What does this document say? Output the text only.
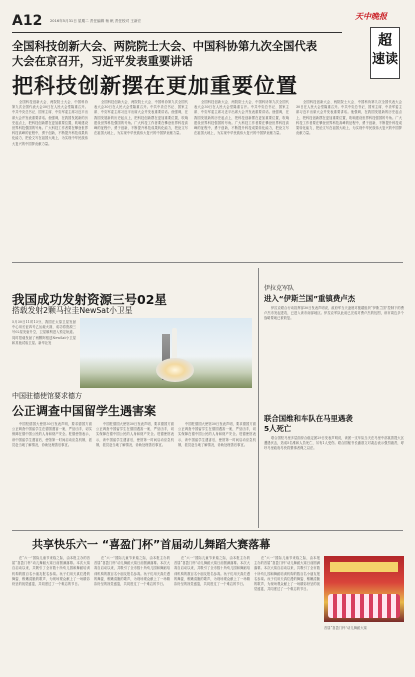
A12 2016年5月31日 星期二 责任编辑 杨 帆 责任校对 王新宏	天中晚报
超
速读
全国科技创新大会、两院院士大会、中国科协第九次全国代表
大会在京召开，习近平发表重要讲话
把科技创新摆在更加重要位置
全国科技创新大会、两院院士大会、中国科协第九次全国代表大会30日在人民大会堂隆重召开。中共中央总书记、国家主席、中央军委主席习近平出席大会并发表重要讲话。他强调，在我国发展新的历史起点上，把科技创新摆在更加重要位置，吹响建设世界科技强国的号角。广大科技工作者要在攀登世界科技高峰的征程中，勇于创新，不断提升科技成果转化能力，把论文写在祖国大地上，为实现中华民族伟大复兴的中国梦贡献力量。
全国科技创新大会、两院院士大会、中国科协第九次全国代表大会30日在人民大会堂隆重召开。中共中央总书记、国家主席、中央军委主席习近平出席大会并发表重要讲话。他强调，在我国发展新的历史起点上，把科技创新摆在更加重要位置，吹响建设世界科技强国的号角。广大科技工作者要在攀登世界科技高峰的征程中，勇于创新，不断提升科技成果转化能力，把论文写在祖国大地上，为实现中华民族伟大复兴的中国梦贡献力量。
全国科技创新大会、两院院士大会、中国科协第九次全国代表大会30日在人民大会堂隆重召开。中共中央总书记、国家主席、中央军委主席习近平出席大会并发表重要讲话。他强调，在我国发展新的历史起点上，把科技创新摆在更加重要位置，吹响建设世界科技强国的号角。广大科技工作者要在攀登世界科技高峰的征程中，勇于创新，不断提升科技成果转化能力，把论文写在祖国大地上，为实现中华民族伟大复兴的中国梦贡献力量。
全国科技创新大会、两院院士大会、中国科协第九次全国代表大会30日在人民大会堂隆重召开。中共中央总书记、国家主席、中央军委主席习近平出席大会并发表重要讲话。他强调，在我国发展新的历史起点上，把科技创新摆在更加重要位置，吹响建设世界科技强国的号角。广大科技工作者要在攀登世界科技高峰的征程中，勇于创新，不断提升科技成果转化能力，把论文写在祖国大地上，为实现中华民族伟大复兴的中国梦贡献力量。
我国成功发射资源三号02星
搭载发射2颗马拉圭NewSat小卫星
5月30日11时13分，我国在太原卫星发射中心用长征四号乙运载火箭，成功将资源三号02星发射升空，卫星顺利进入预定轨道。同时搭载发射了两颗阿根廷NewSat小卫星和其他试验卫星。新华社发
伊拉克军队
进入“伊斯兰国”重镇费卢杰
伊拉克联合行动指挥部30日发表声明说，政府军当天凌晨对极端组织“伊斯兰国”控制下的费卢杰市发起进攻，已进入该市南部地区。伊拉克军队此前已完成对费卢杰的包围，该市周边多个战略要地已被收复。
联合国维和车队在马里遇袭
5人死亡
联合国驻马里多层面综合稳定团29日发表声明说，该团一支车队当天在马里中部莫普提大区遭遇伏击，造成5名维和人员死亡，另有1人受伤。联合国秘书长潘基文对袭击表示强烈谴责，呼吁马里政府尽快将肇事者绳之以法。
中国驻德使馆要求德方
公正调查中国留学生遇害案
中国驻德国大使馆30日发表声明，要求德国方面公正调查中国留学生在德国遇害一案，严惩凶手，切实保障在德中国公民的人身和财产安全。驻德使馆表示，该中国留学生遇害后，使馆第一时间启动应急机制，派员赴当地了解情况，协助处理善后事宜。
中国驻德国大使馆30日发表声明，要求德国方面公正调查中国留学生在德国遇害一案，严惩凶手，切实保障在德中国公民的人身和财产安全。驻德使馆表示，该中国留学生遇害后，使馆第一时间启动应急机制，派员赴当地了解情况，协助处理善后事宜。
中国驻德国大使馆30日发表声明，要求德国方面公正调查中国留学生在德国遇害一案，严惩凶手，切实保障在德中国公民的人身和财产安全。驻德使馆表示，该中国留学生遇害后，使馆第一时间启动应急机制，派员赴当地了解情况，协助处理善后事宜。
共享快乐六一 “喜盈门杯”首届动儿舞蹈大赛落幕
在“六一”国际儿童节来临之际，由本报主办的首届“喜盈门杯”动儿舞蹈大赛日前圆满落幕。本次大赛自启动以来，共吸引了全市数十所幼儿园和舞蹈培训机构的数百名小朋友报名参赛。孩子们用天真烂漫的舞姿、稚嫩清脆的歌声，为现场观众献上了一场精彩纷呈的视觉盛宴，共同度过了一个难忘的节日。
在“六一”国际儿童节来临之际，由本报主办的首届“喜盈门杯”动儿舞蹈大赛日前圆满落幕。本次大赛自启动以来，共吸引了全市数十所幼儿园和舞蹈培训机构的数百名小朋友报名参赛。孩子们用天真烂漫的舞姿、稚嫩清脆的歌声，为现场观众献上了一场精彩纷呈的视觉盛宴，共同度过了一个难忘的节日。
在“六一”国际儿童节来临之际，由本报主办的首届“喜盈门杯”动儿舞蹈大赛日前圆满落幕。本次大赛自启动以来，共吸引了全市数十所幼儿园和舞蹈培训机构的数百名小朋友报名参赛。孩子们用天真烂漫的舞姿、稚嫩清脆的歌声，为现场观众献上了一场精彩纷呈的视觉盛宴，共同度过了一个难忘的节日。
在“六一”国际儿童节来临之际，由本报主办的首届“喜盈门杯”动儿舞蹈大赛日前圆满落幕。本次大赛自启动以来，共吸引了全市数十所幼儿园和舞蹈培训机构的数百名小朋友报名参赛。孩子们用天真烂漫的舞姿、稚嫩清脆的歌声，为现场观众献上了一场精彩纷呈的视觉盛宴，共同度过了一个难忘的节日。
首届“喜盈门杯”动儿舞蹈大赛
